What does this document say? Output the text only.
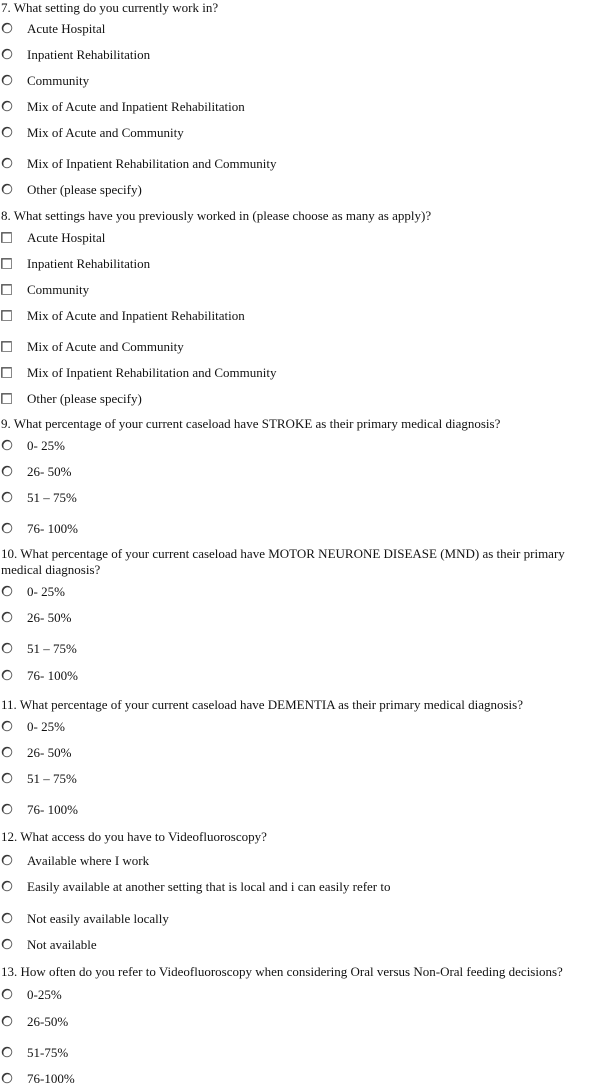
7. What setting do you currently work in?
Acute Hospital
Inpatient Rehabilitation
Community
Mix of Acute and Inpatient Rehabilitation
Mix of Acute and Community
Mix of Inpatient Rehabilitation and Community
Other (please specify)
8. What settings have you previously worked in (please choose as many as apply)?
Acute Hospital
Inpatient Rehabilitation
Community
Mix of Acute and Inpatient Rehabilitation
Mix of Acute and Community
Mix of Inpatient Rehabilitation and Community
Other (please specify)
9. What percentage of your current caseload have STROKE as their primary medical diagnosis?
0- 25%
26- 50%
51 – 75%
76- 100%
10. What percentage of your current caseload have MOTOR NEURONE DISEASE (MND) as their primary medical diagnosis?
0- 25%
26- 50%
51 – 75%
76- 100%
11. What percentage of your current caseload have DEMENTIA as their primary medical diagnosis?
0- 25%
26- 50%
51 – 75%
76- 100%
12. What access do you have to Videofluoroscopy?
Available where I work
Easily available at another setting that is local and i can easily refer to
Not easily available locally
Not available
13. How often do you refer to Videofluoroscopy when considering Oral versus Non-Oral feeding decisions?
0-25%
26-50%
51-75%
76-100%
